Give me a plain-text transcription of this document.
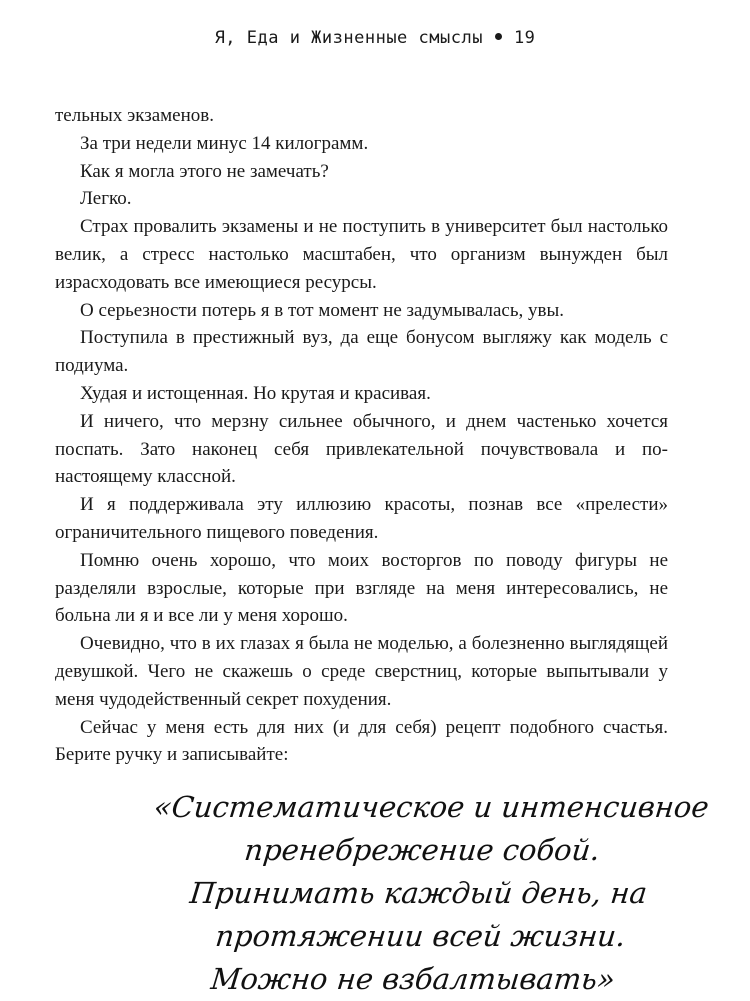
Я, Еда и Жизненные смыслы 19

тельных экзаменов.

За три недели минус 14 килограмм.

Как я могла этого не замечать?

Легко.

Страх провалить экзамены и не поступить в университет был настолько велик, а стресс настолько масштабен, что организм вынужден был израсходовать все имеющиеся ресурсы.

О серьезности потерь я в тот момент не задумывалась, увы.

Поступила в престижный вуз, да еще бонусом выгляжу как модель с подиума.

Худая и истощенная. Но крутая и красивая.

И ничего, что мерзну сильнее обычного, и днем частенько хочется поспать. Зато наконец себя привлекательной почувствовала и по-настоящему классной.

И я поддерживала эту иллюзию красоты, познав все «прелести» ограничительного пищевого поведения.

Помню очень хорошо, что моих восторгов по поводу фигуры не разделяли взрослые, которые при взгляде на меня интересовались, не больна ли я и все ли у меня хорошо.

Очевидно, что в их глазах я была не моделью, а болезненно выглядящей девушкой. Чего не скажешь о среде сверстниц, которые выпытывали у меня чудодейственный секрет похудения.

Сейчас у меня есть для них (и для себя) рецепт подобного счастья. Берите ручку и записывайте:

«Систематическое и интенсивное
пренебрежение собой.
Принимать каждый день, на
протяжении всей жизни.
Можно не взбалтывать»
